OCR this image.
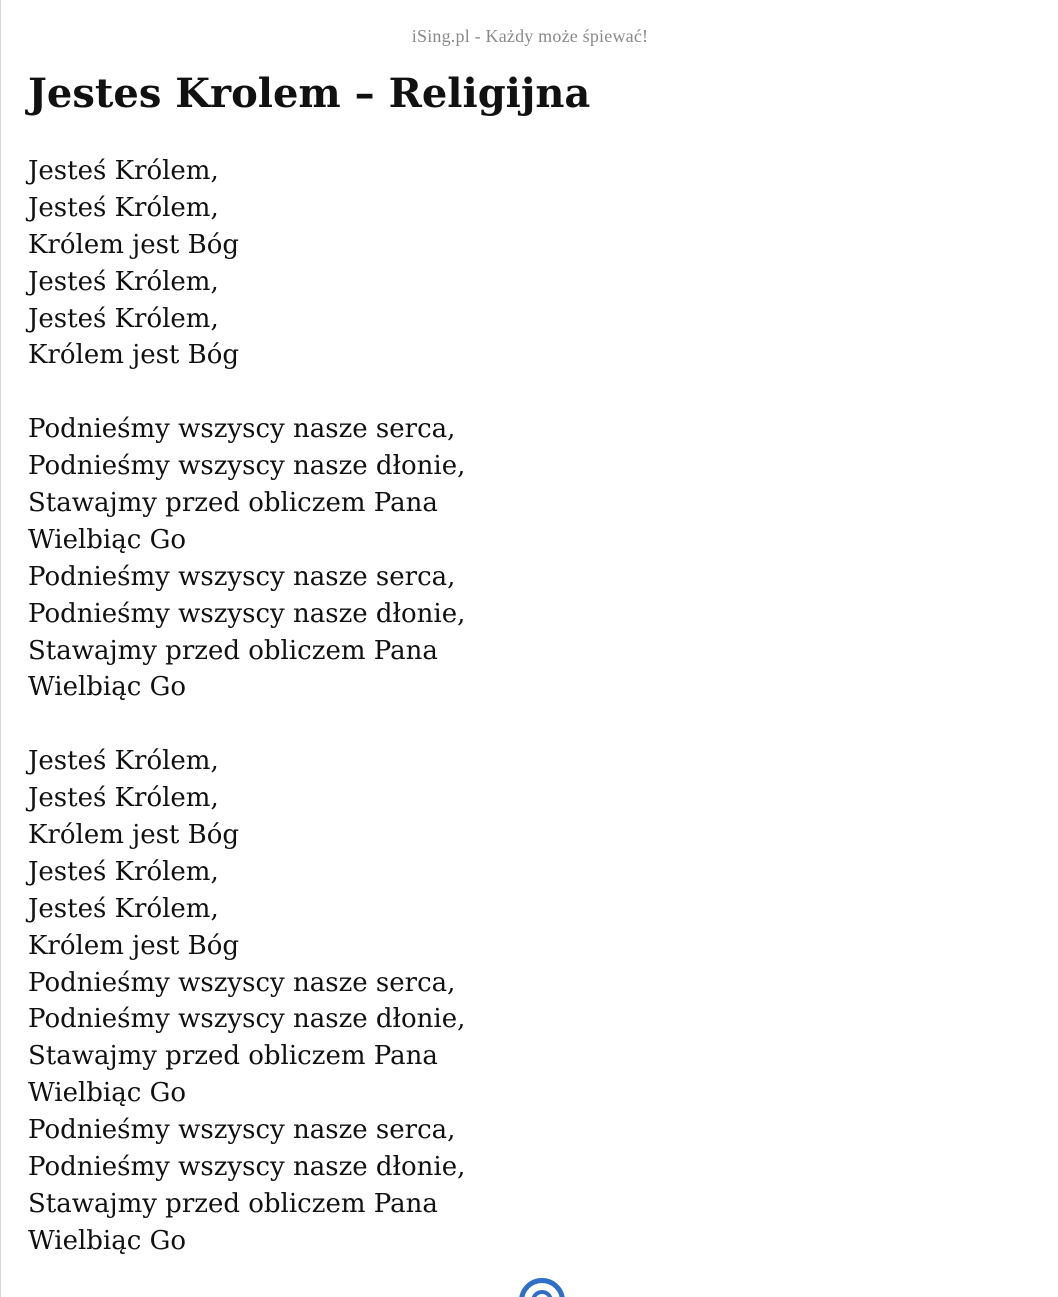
iSing.pl - Każdy może śpiewać!
Jestes Krolem – Religijna
Jesteś Królem,
Jesteś Królem,
Królem jest Bóg
Jesteś Królem,
Jesteś Królem,
Królem jest Bóg
Podnieśmy wszyscy nasze serca,
Podnieśmy wszyscy nasze dłonie,
Stawajmy przed obliczem Pana
Wielbiąc Go
Podnieśmy wszyscy nasze serca,
Podnieśmy wszyscy nasze dłonie,
Stawajmy przed obliczem Pana
Wielbiąc Go
Jesteś Królem,
Jesteś Królem,
Królem jest Bóg
Jesteś Królem,
Jesteś Królem,
Królem jest Bóg
Podnieśmy wszyscy nasze serca,
Podnieśmy wszyscy nasze dłonie,
Stawajmy przed obliczem Pana
Wielbiąc Go
Podnieśmy wszyscy nasze serca,
Podnieśmy wszyscy nasze dłonie,
Stawajmy przed obliczem Pana
Wielbiąc Go
